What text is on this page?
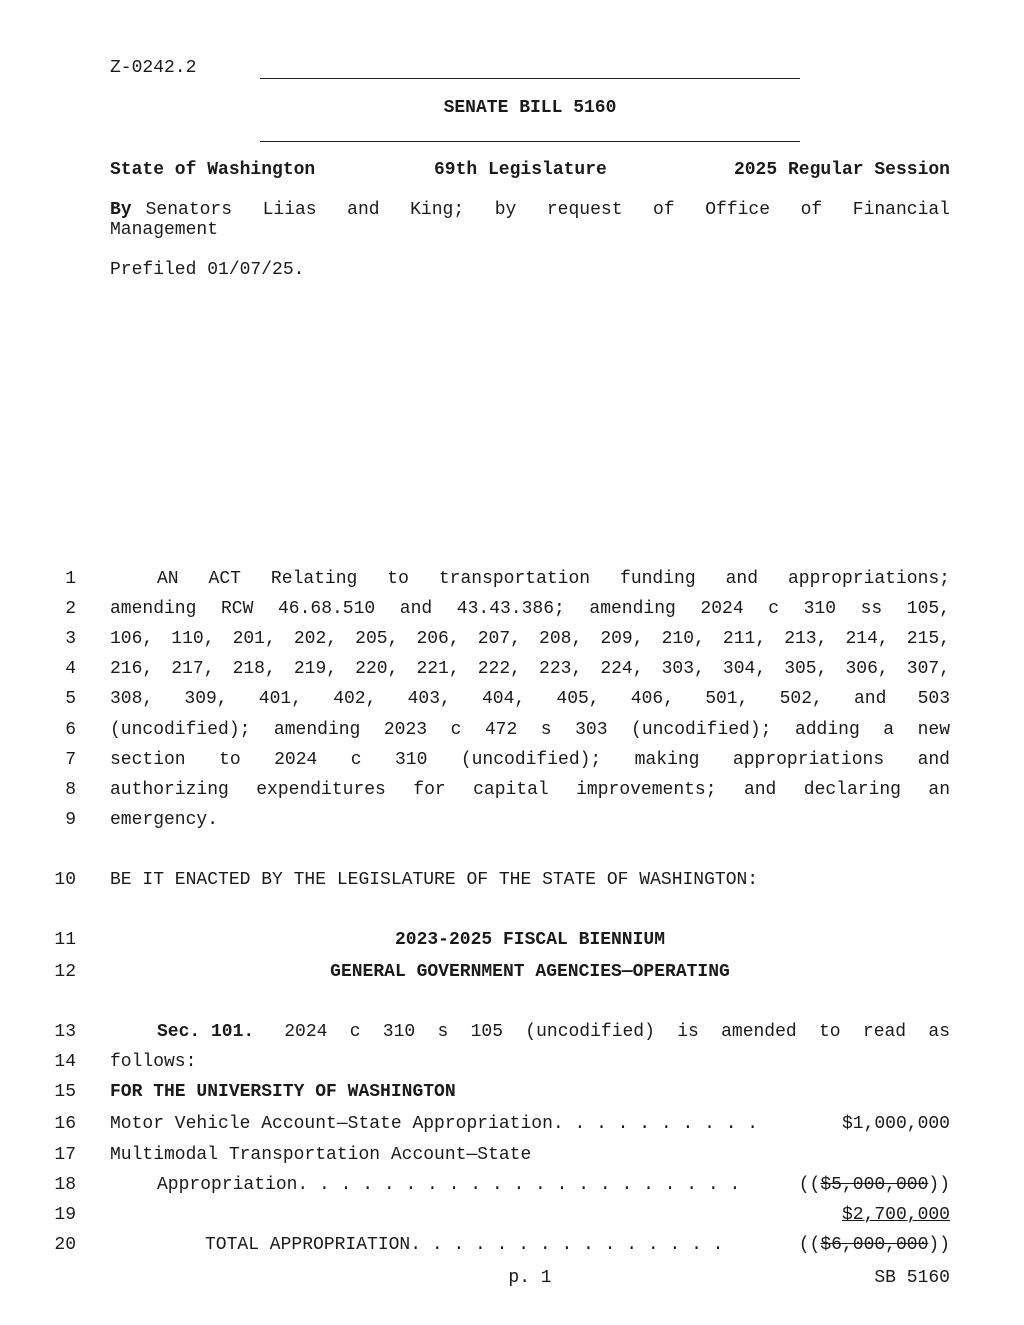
Z-0242.2
SENATE BILL 5160
State of Washington	69th Legislature	2025 Regular Session
By Senators Liias and King; by request of Office of Financial
Management
Prefiled 01/07/25.
1
2
3
4
5
6
7
8
9
10
11
12
13
14
15
16
17
18
19
20
AN ACT Relating to transportation funding and appropriations;
amending RCW 46.68.510 and 43.43.386; amending 2024 c 310 ss 105,
106, 110, 201, 202, 205, 206, 207, 208, 209, 210, 211, 213, 214, 215,
216, 217, 218, 219, 220, 221, 222, 223, 224, 303, 304, 305, 306, 307,
308, 309, 401, 402, 403, 404, 405, 406, 501, 502, and 503
(uncodified); amending 2023 c 472 s 303 (uncodified); adding a new
section to 2024 c 310 (uncodified); making appropriations and
authorizing expenditures for capital improvements; and declaring an
emergency.
BE IT ENACTED BY THE LEGISLATURE OF THE STATE OF WASHINGTON:
2023-2025 FISCAL BIENNIUM
GENERAL GOVERNMENT AGENCIES—OPERATING
Sec. 101. 2024 c 310 s 105 (uncodified) is amended to read as
follows:
FOR THE UNIVERSITY OF WASHINGTON
Motor Vehicle Account—State Appropriation. . . . . . . . . .	$1,000,000
Multimodal Transportation Account—State
Appropriation. . . . . . . . . . . . . . . . . . . . .	(($5,000,000))
$2,700,000
TOTAL APPROPRIATION. . . . . . . . . . . . . . .	(($6,000,000))
p. 1	SB 5160
